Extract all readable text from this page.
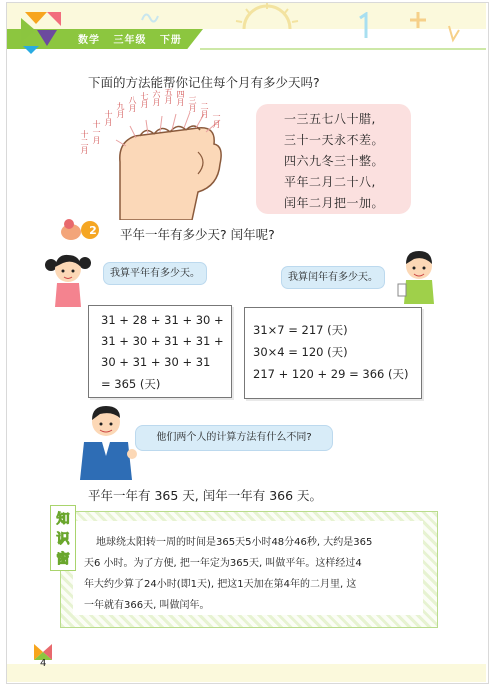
数学 三年级 下册
下面的方法能帮你记住每个月有多少天吗?
一月
二月
三月
四月
五月
六月
七月
八月
九月
十月
十一月
十二月
一三五七八十腊,
三十一天永不差。
四六九冬三十整。
平年二月二十八,
闰年二月把一加。
2 平年一年有多少天? 闰年呢?
我算平年有多少天。
31 + 28 + 31 + 30 +
31 + 30 + 31 + 31 +
30 + 31 + 30 + 31
= 365 (天)
我算闰年有多少天。
31×7 = 217 (天)
30×4 = 120 (天)
217 + 120 + 29 = 366 (天)
他们两个人的计算方法有什么不同?
平年一年有 365 天, 闰年一年有 366 天。
知
识
窗
地球绕太阳转一周的时间是365天5小时48分46秒, 大约是365
天6 小时。为了方便, 把一年定为365天, 叫做平年。这样经过4
年大约少算了24小时(即1天), 把这1天加在第4年的二月里, 这
一年就有366天, 叫做闰年。
4
